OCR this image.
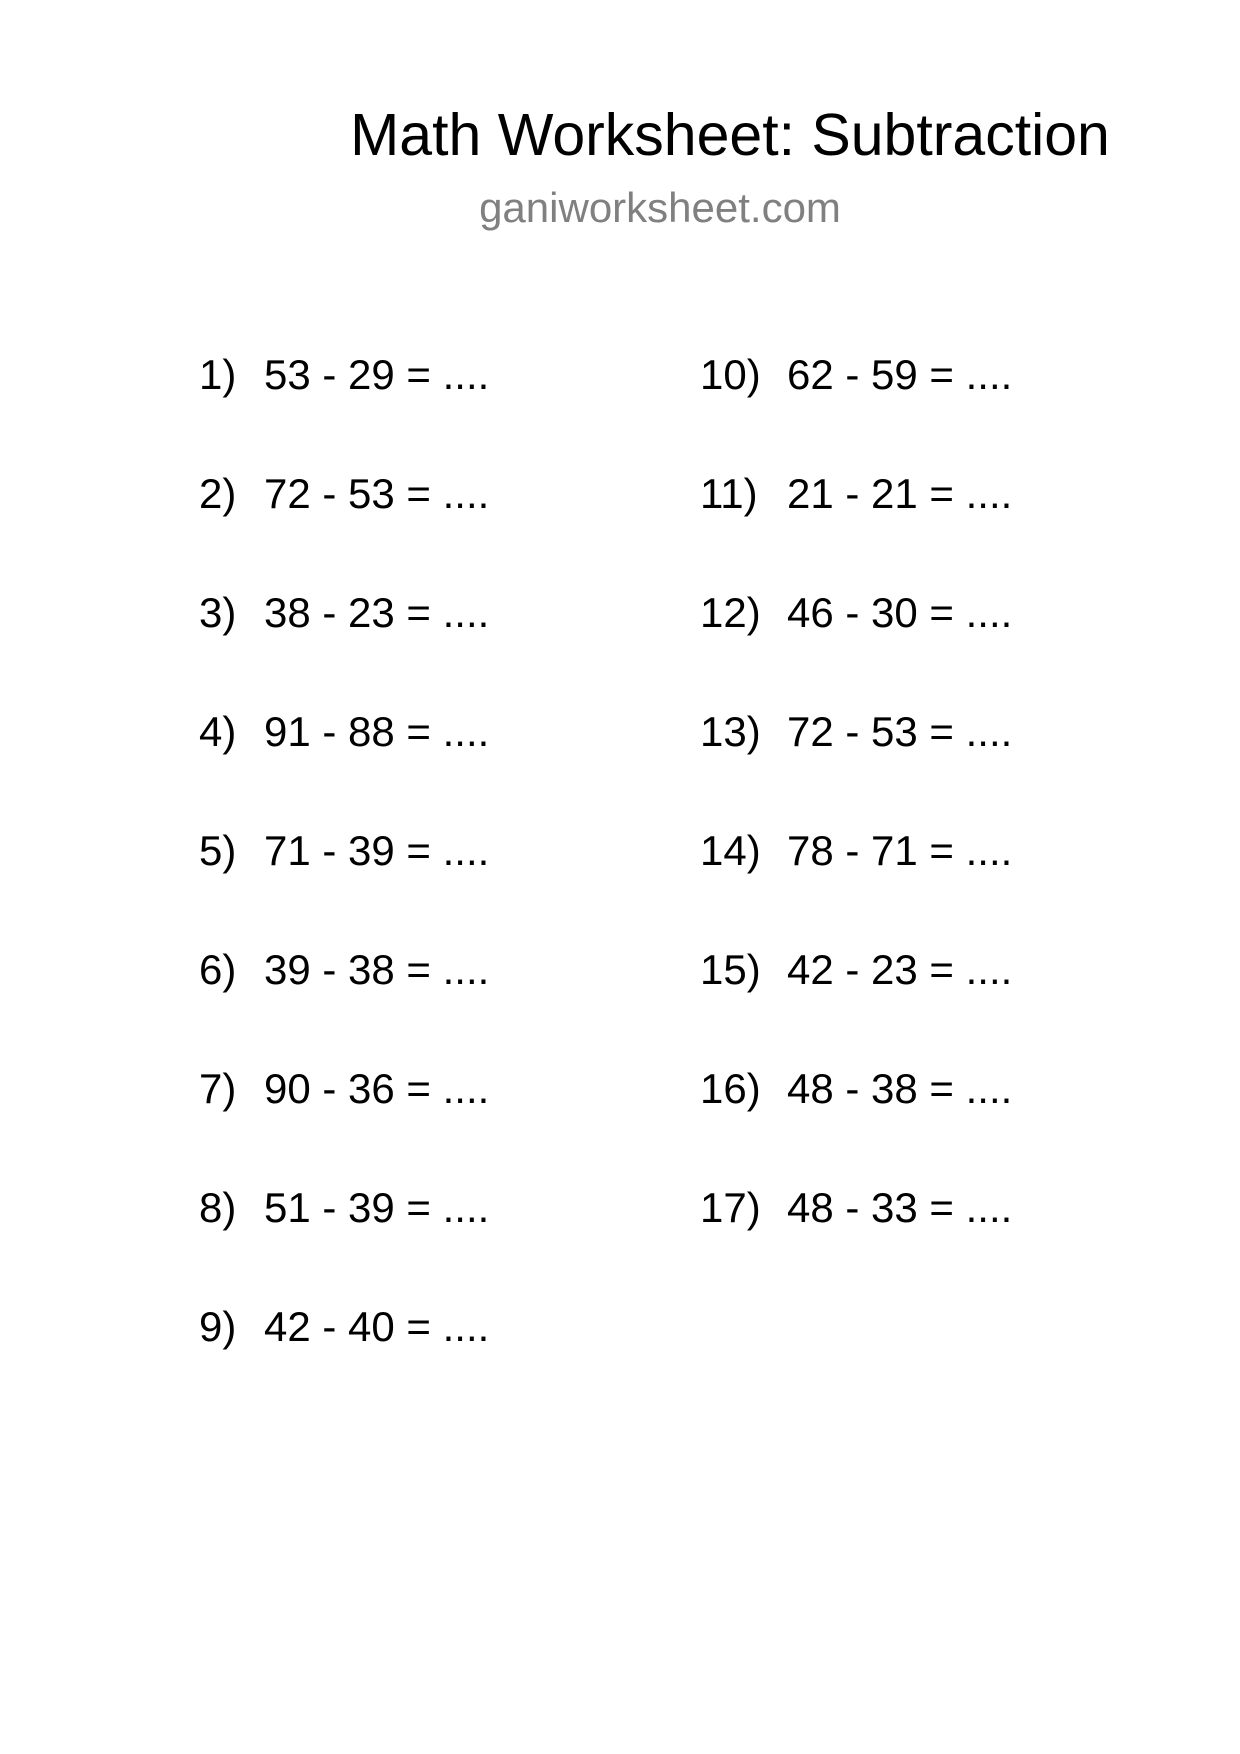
Math Worksheet: Subtraction
ganiworksheet.com
1) 53 - 29 = ....
2) 72 - 53 = ....
3) 38 - 23 = ....
4) 91 - 88 = ....
5) 71 - 39 = ....
6) 39 - 38 = ....
7) 90 - 36 = ....
8) 51 - 39 = ....
9) 42 - 40 = ....
10) 62 - 59 = ....
11) 21 - 21 = ....
12) 46 - 30 = ....
13) 72 - 53 = ....
14) 78 - 71 = ....
15) 42 - 23 = ....
16) 48 - 38 = ....
17) 48 - 33 = ....
